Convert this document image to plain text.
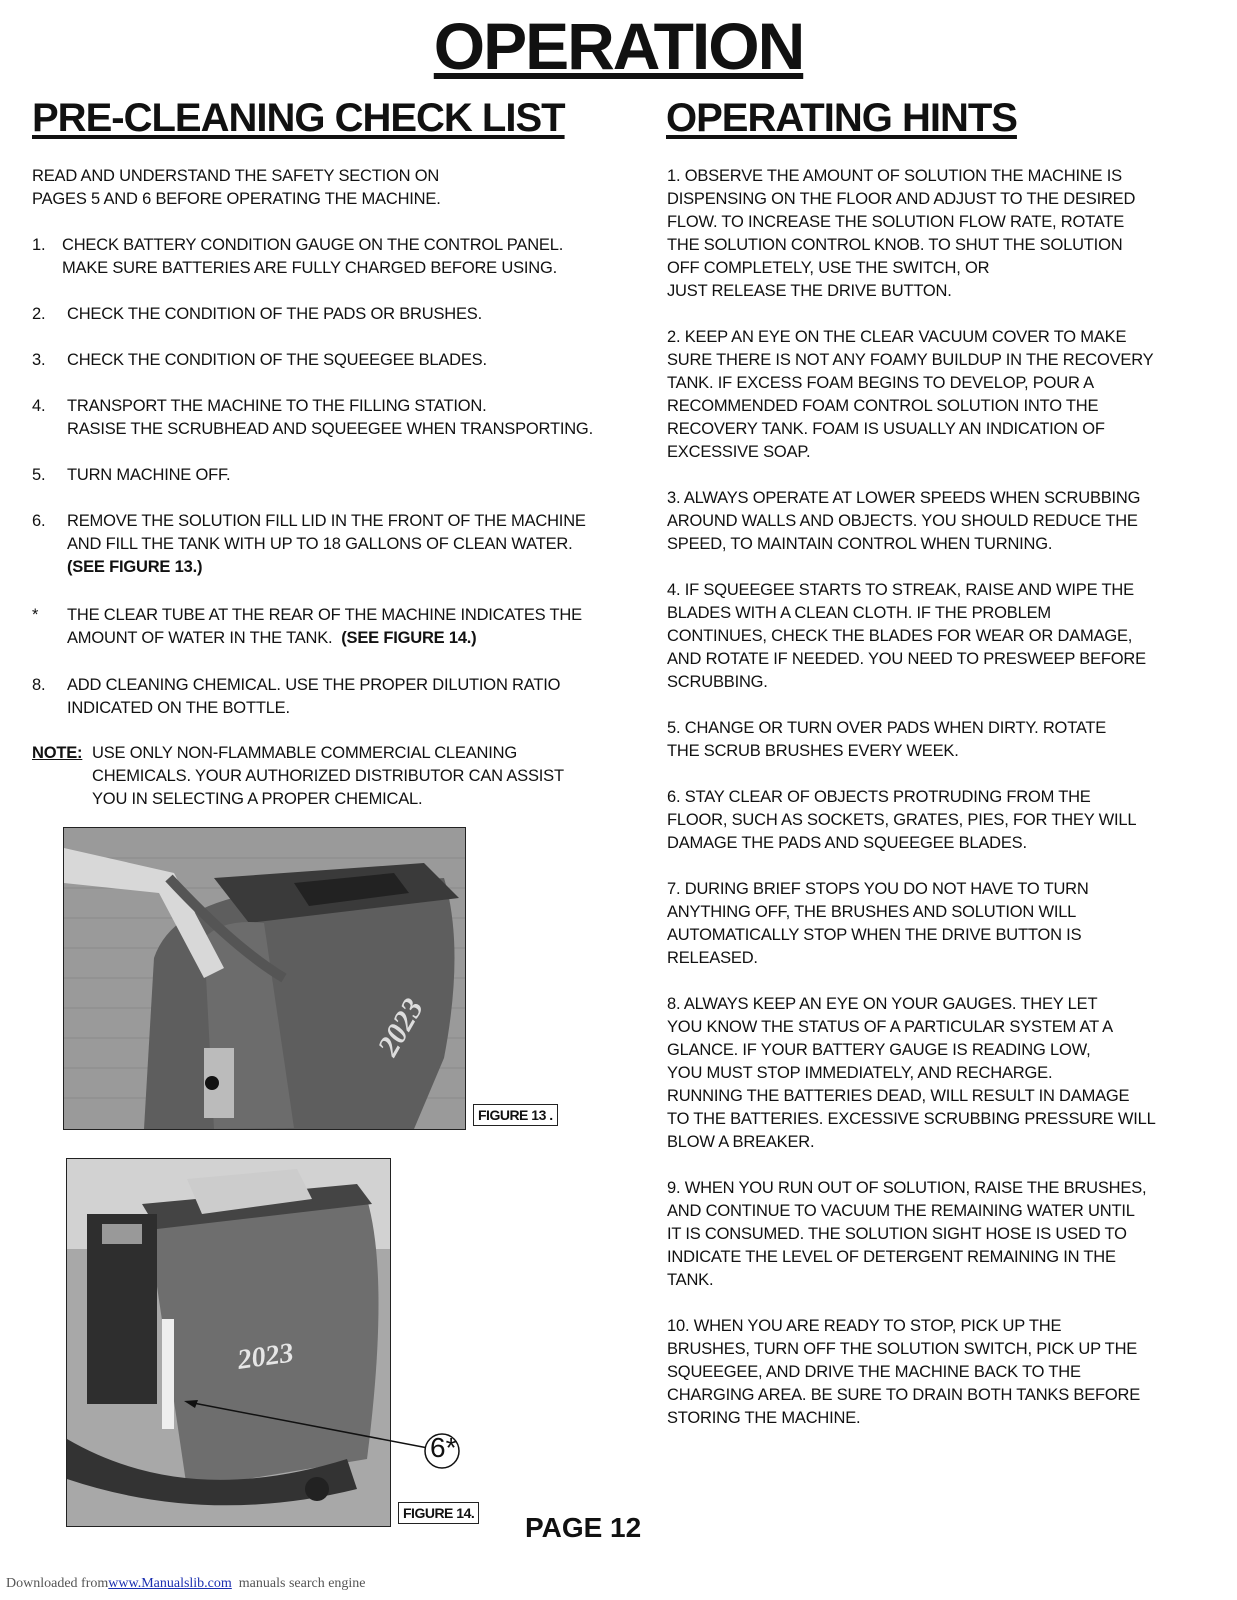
OPERATION
PRE-CLEANING CHECK LIST
READ AND UNDERSTAND THE SAFETY SECTION ON
PAGES 5 AND 6 BEFORE OPERATING THE MACHINE.
1. CHECK BATTERY CONDITION GAUGE ON THE CONTROL PANEL.
MAKE SURE BATTERIES ARE FULLY CHARGED BEFORE USING.
2. CHECK THE CONDITION OF THE PADS OR BRUSHES.
3. CHECK THE CONDITION OF THE SQUEEGEE BLADES.
4. TRANSPORT THE MACHINE TO THE FILLING STATION.
RASISE THE SCRUBHEAD AND SQUEEGEE WHEN TRANSPORTING.
5. TURN MACHINE OFF.
6. REMOVE THE SOLUTION FILL LID IN THE FRONT OF THE MACHINE
AND FILL THE TANK WITH UP TO 18 GALLONS OF CLEAN WATER.
(SEE FIGURE 13.)
* THE CLEAR TUBE AT THE REAR OF THE MACHINE INDICATES THE
AMOUNT OF WATER IN THE TANK. (SEE FIGURE 14.)
8. ADD CLEANING CHEMICAL. USE THE PROPER DILUTION RATIO
INDICATED ON THE BOTTLE.
NOTE: USE ONLY NON-FLAMMABLE COMMERCIAL CLEANING
CHEMICALS. YOUR AUTHORIZED DISTRIBUTOR CAN ASSIST
YOU IN SELECTING A PROPER CHEMICAL.
2023
FIGURE 13 .
2023
6*
FIGURE 14.
OPERATING HINTS
1. OBSERVE THE AMOUNT OF SOLUTION THE MACHINE IS
DISPENSING ON THE FLOOR AND ADJUST TO THE DESIRED
FLOW. TO INCREASE THE SOLUTION FLOW RATE, ROTATE
THE SOLUTION CONTROL KNOB. TO SHUT THE SOLUTION
OFF COMPLETELY, USE THE SWITCH, OR
JUST RELEASE THE DRIVE BUTTON.
2. KEEP AN EYE ON THE CLEAR VACUUM COVER TO MAKE
SURE THERE IS NOT ANY FOAMY BUILDUP IN THE RECOVERY
TANK. IF EXCESS FOAM BEGINS TO DEVELOP, POUR A
RECOMMENDED FOAM CONTROL SOLUTION INTO THE
RECOVERY TANK. FOAM IS USUALLY AN INDICATION OF
EXCESSIVE SOAP.
3. ALWAYS OPERATE AT LOWER SPEEDS WHEN SCRUBBING
AROUND WALLS AND OBJECTS. YOU SHOULD REDUCE THE
SPEED, TO MAINTAIN CONTROL WHEN TURNING.
4. IF SQUEEGEE STARTS TO STREAK, RAISE AND WIPE THE
BLADES WITH A CLEAN CLOTH. IF THE PROBLEM
CONTINUES, CHECK THE BLADES FOR WEAR OR DAMAGE,
AND ROTATE IF NEEDED. YOU NEED TO PRESWEEP BEFORE
SCRUBBING.
5. CHANGE OR TURN OVER PADS WHEN DIRTY. ROTATE
THE SCRUB BRUSHES EVERY WEEK.
6. STAY CLEAR OF OBJECTS PROTRUDING FROM THE
FLOOR, SUCH AS SOCKETS, GRATES, PIES, FOR THEY WILL
DAMAGE THE PADS AND SQUEEGEE BLADES.
7. DURING BRIEF STOPS YOU DO NOT HAVE TO TURN
ANYTHING OFF, THE BRUSHES AND SOLUTION WILL
AUTOMATICALLY STOP WHEN THE DRIVE BUTTON IS
RELEASED.
8. ALWAYS KEEP AN EYE ON YOUR GAUGES. THEY LET
YOU KNOW THE STATUS OF A PARTICULAR SYSTEM AT A
GLANCE. IF YOUR BATTERY GAUGE IS READING LOW,
YOU MUST STOP IMMEDIATELY, AND RECHARGE.
RUNNING THE BATTERIES DEAD, WILL RESULT IN DAMAGE
TO THE BATTERIES. EXCESSIVE SCRUBBING PRESSURE WILL
BLOW A BREAKER.
9. WHEN YOU RUN OUT OF SOLUTION, RAISE THE BRUSHES,
AND CONTINUE TO VACUUM THE REMAINING WATER UNTIL
IT IS CONSUMED. THE SOLUTION SIGHT HOSE IS USED TO
INDICATE THE LEVEL OF DETERGENT REMAINING IN THE
TANK.
10. WHEN YOU ARE READY TO STOP, PICK UP THE
BRUSHES, TURN OFF THE SOLUTION SWITCH, PICK UP THE
SQUEEGEE, AND DRIVE THE MACHINE BACK TO THE
CHARGING AREA. BE SURE TO DRAIN BOTH TANKS BEFORE
STORING THE MACHINE.
PAGE 12
Downloaded fromwww.Manualslib.com manuals search engine
